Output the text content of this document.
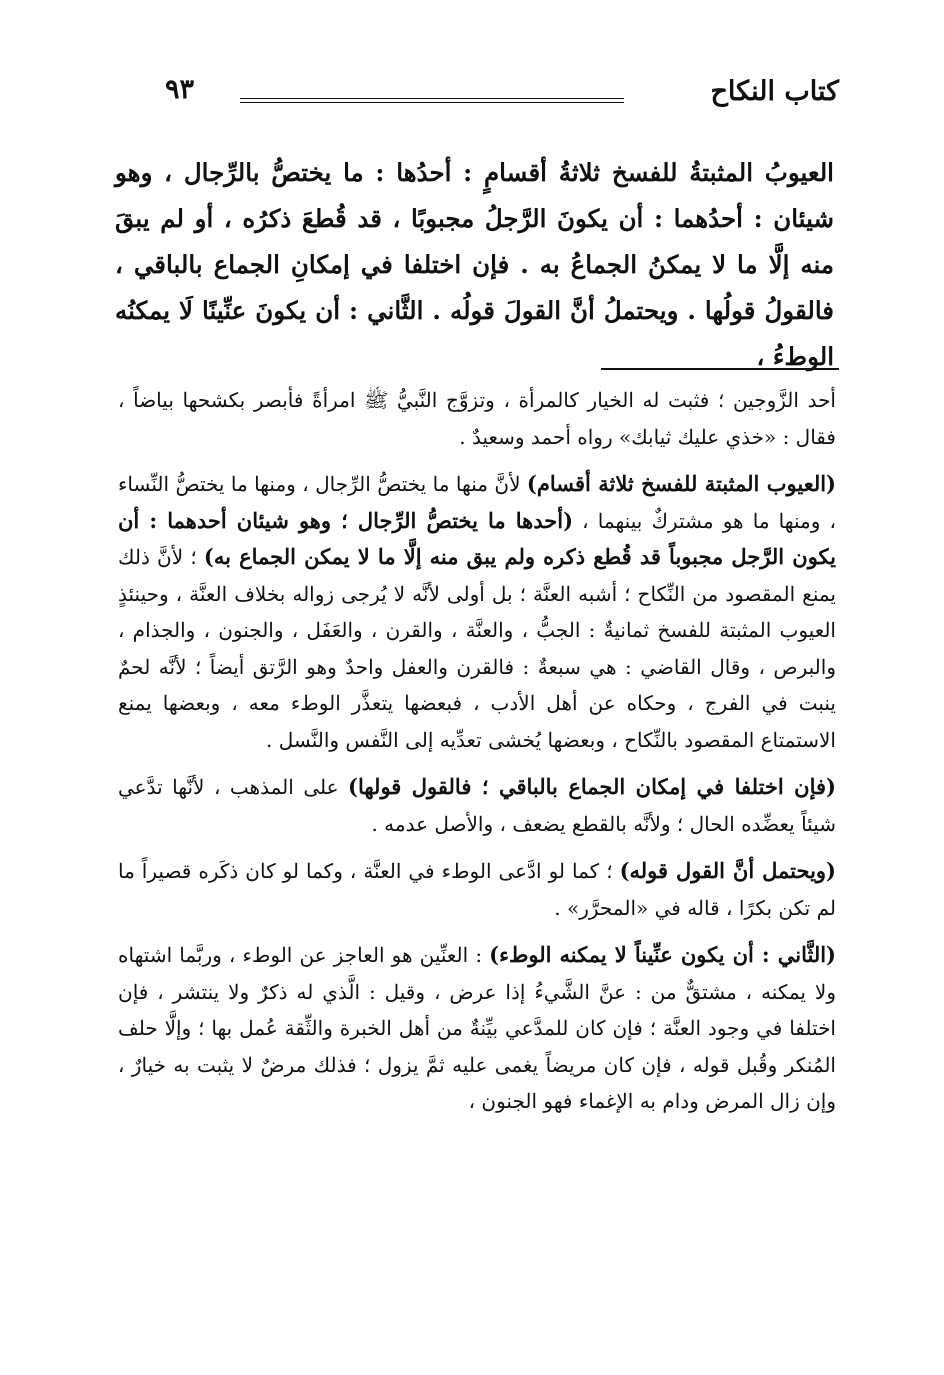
كتاب النكاح
٩٣
العيوبُ المثبتةُ للفسخ ثلاثةُ أقسامٍ : أحدُها : ما يختصُّ بالرِّجال ، وهو شيئان : أحدُهما : أن يكونَ الرَّجلُ مجبوبًا ، قد قُطعَ ذكرُه ، أو لم يبقَ منه إلَّا ما لا يمكنُ الجماعُ به . فإن اختلفا في إمكانِ الجماع بالباقي ، فالقولُ قولُها . ويحتملُ أنَّ القولَ قولُه . الثَّاني : أن يكونَ عنِّينًا لَا يمكنُه الوطءُ ،

أحد الزَّوجين ؛ فثبت له الخيار كالمرأة ، وتزوَّج النَّبيُّ ﷺ امرأةً فأبصر بكشحها بياضاً ، فقال : «خذي عليك ثيابك» رواه أحمد وسعيدٌ .

(العيوب المثبتة للفسخ ثلاثة أقسام) لأنَّ منها ما يختصُّ الرِّجال ، ومنها ما يختصُّ النِّساء ، ومنها ما هو مشتركٌ بينهما ، (أحدها ما يختصُّ الرِّجال ؛ وهو شيئان أحدهما : أن يكون الرَّجل مجبوباً قد قُطع ذكره ولم يبق منه إلَّا ما لا يمكن الجماع به) ؛ لأنَّ ذلك يمنع المقصود من النِّكاح ؛ أشبه العنَّة ؛ بل أولى لأنَّه لا يُرجى زواله بخلاف العنَّة ، وحينئذٍ العيوب المثبتة للفسخ ثمانيةٌ : الجبُّ ، والعنَّة ، والقرن ، والعَفَل ، والجنون ، والجذام ، والبرص ، وقال القاضي : هي سبعةٌ : فالقرن والعفل واحدٌ وهو الرَّتق أيضاً ؛ لأنَّه لحمٌ ينبت في الفرج ، وحكاه عن أهل الأدب ، فبعضها يتعذَّر الوطء معه ، وبعضها يمنع الاستمتاع المقصود بالنِّكاح ، وبعضها يُخشى تعدِّيه إلى النَّفس والنَّسل .

(فإن اختلفا في إمكان الجماع بالباقي ؛ فالقول قولها) على المذهب ، لأنَّها تدَّعي شيئاً يعضِّده الحال ؛ ولأنَّه بالقطع يضعف ، والأصل عدمه .

(ويحتمل أنَّ القول قوله) ؛ كما لو ادَّعى الوطء في العنَّة ، وكما لو كان ذكَره قصيراً ما لم تكن بكرًا ، قاله في «المحرَّر» .

(الثَّاني : أن يكون عنِّيناً لا يمكنه الوطء) : العنِّين هو العاجز عن الوطء ، وربَّما اشتهاه ولا يمكنه ، مشتقٌّ من : عنَّ الشَّيءُ إذا عرض ، وقيل : الَّذي له ذكرٌ ولا ينتشر ، فإن اختلفا في وجود العنَّة ؛ فإن كان للمدَّعي بيِّنةٌ من أهل الخبرة والثِّقة عُمل بها ؛ وإلَّا حلف المُنكر وقُبل قوله ، فإن كان مريضاً يغمى عليه ثمَّ يزول ؛ فذلك مرضٌ لا يثبت به خيارٌ ، وإن زال المرض ودام به الإغماء فهو الجنون ،
